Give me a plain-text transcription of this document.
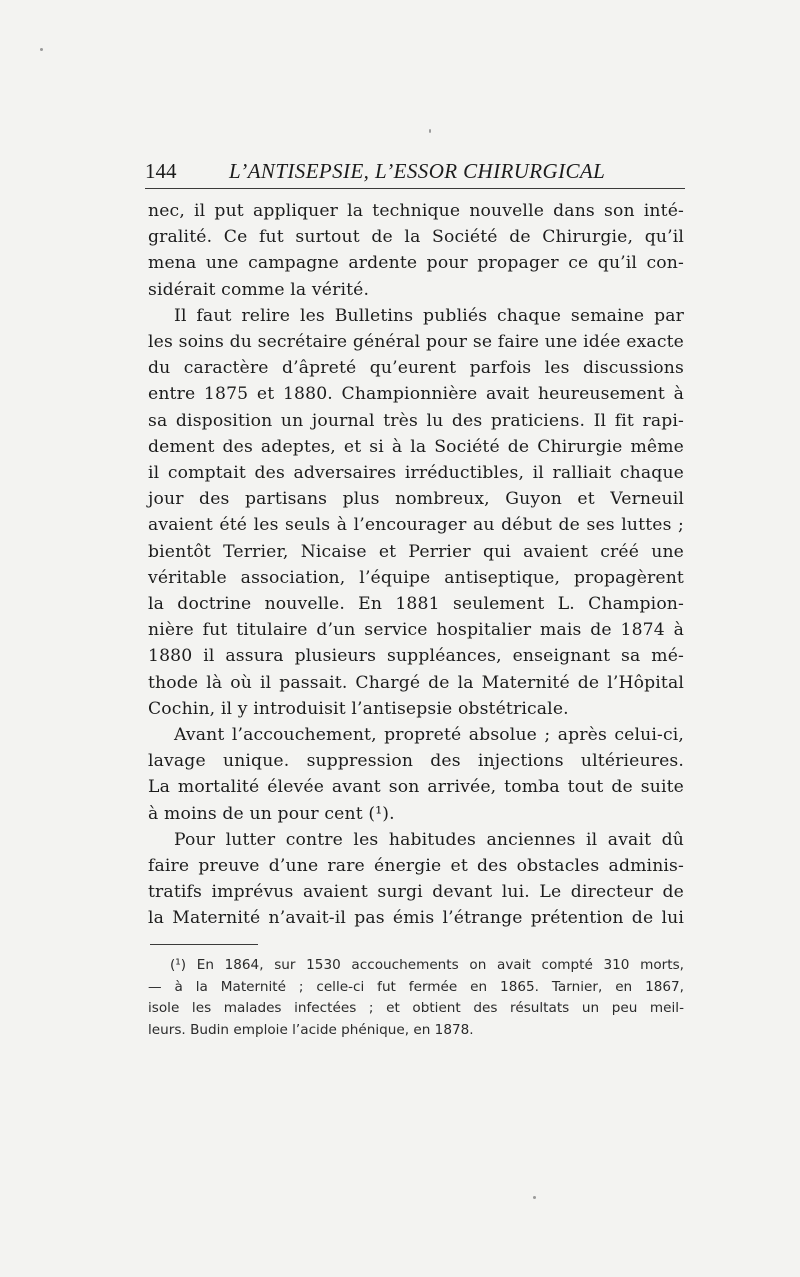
144	L’ANTISEPSIE, L’ESSOR CHIRURGICAL
nec, il put appliquer la technique nouvelle dans son inté-
gralité. Ce fut surtout de la Société de Chirurgie, qu’il
mena une campagne ardente pour propager ce qu’il con-
sidérait comme la vérité.
Il faut relire les Bulletins publiés chaque semaine par
les soins du secrétaire général pour se faire une idée exacte
du caractère d’âpreté qu’eurent parfois les discussions
entre 1875 et 1880. Championnière avait heureusement à
sa disposition un journal très lu des praticiens. Il fit rapi-
dement des adeptes, et si à la Société de Chirurgie même
il comptait des adversaires irréductibles, il ralliait chaque
jour des partisans plus nombreux, Guyon et Verneuil
avaient été les seuls à l’encourager au début de ses luttes ;
bientôt Terrier, Nicaise et Perrier qui avaient créé une
véritable association, l’équipe antiseptique, propagèrent
la doctrine nouvelle. En 1881 seulement L. Champion-
nière fut titulaire d’un service hospitalier mais de 1874 à
1880 il assura plusieurs suppléances, enseignant sa mé-
thode là où il passait. Chargé de la Maternité de l’Hôpital
Cochin, il y introduisit l’antisepsie obstétricale.
Avant l’accouchement, propreté absolue ; après celui-ci,
lavage unique. suppression des injections ultérieures.
La mortalité élevée avant son arrivée, tomba tout de suite
à moins de un pour cent (¹).
Pour lutter contre les habitudes anciennes il avait dû
faire preuve d’une rare énergie et des obstacles adminis-
tratifs imprévus avaient surgi devant lui. Le directeur de
la Maternité n’avait-il pas émis l’étrange prétention de lui
(¹) En 1864, sur 1530 accouchements on avait compté 310 morts,
— à la Maternité ; celle-ci fut fermée en 1865. Tarnier, en 1867,
isole les malades infectées ; et obtient des résultats un peu meil-
leurs. Budin emploie l’acide phénique, en 1878.
